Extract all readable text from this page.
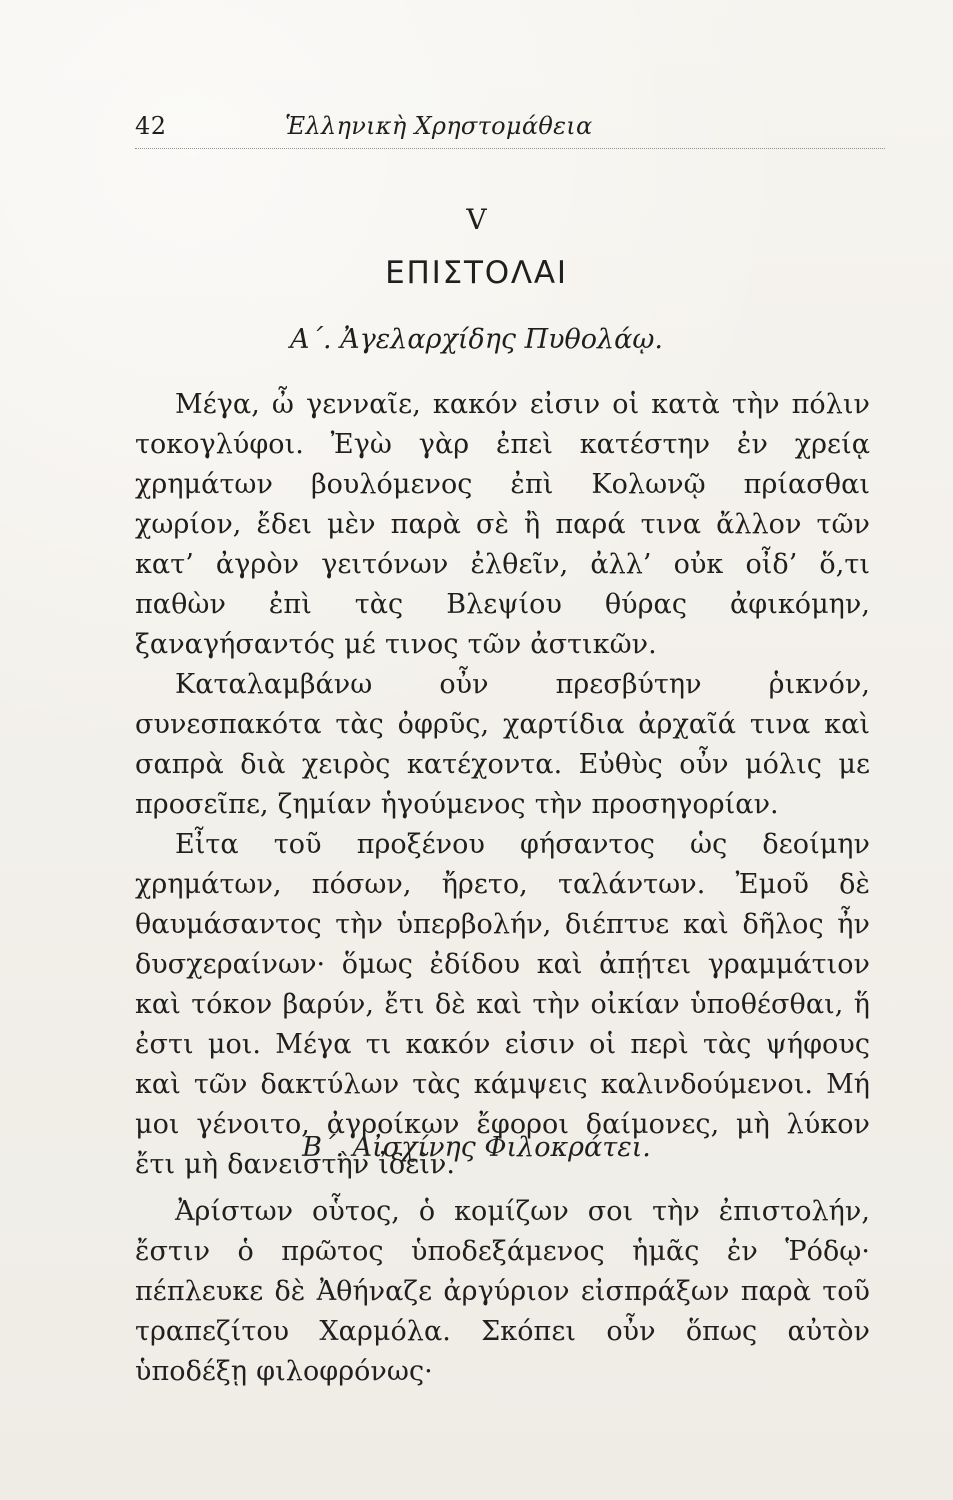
42	Ἑλληνικὴ Χρηστομάθεια
V
ΕΠΙΣΤΟΛΑΙ
Α΄. Ἀγελαρχίδης Πυθολάῳ.

Μέγα, ὦ γενναῖε, κακόν εἰσιν οἱ κατὰ τὴν πόλιν τοκογλύφοι. Ἐγὼ γὰρ ἐπεὶ κατέστην ἐν χρείᾳ χρημάτων βουλόμενος ἐπὶ Κολωνῷ πρίασθαι χωρίον, ἔδει μὲν παρὰ σὲ ἢ παρά τινα ἄλλον τῶν κατ’ ἀγρὸν γειτόνων ἐλθεῖν, ἀλλ’ οὐκ οἶδ’ ὅ,τι παθὼν ἐπὶ τὰς Βλεψίου θύρας ἀφικόμην, ξαναγήσαντός μέ τινος τῶν ἀστικῶν.

Καταλαμβάνω οὖν πρεσβύτην ῥικνόν, συνεσπακότα τὰς ὀφρῦς, χαρτίδια ἀρχαῖά τινα καὶ σαπρὰ διὰ χειρὸς κατέχοντα. Εὐθὺς οὖν μόλις με προσεῖπε, ζημίαν ἡγούμενος τὴν προσηγορίαν.

Εἶτα τοῦ προξένου φήσαντος ὡς δεοίμην χρημάτων, πόσων, ἤρετο, ταλάντων. Ἐμοῦ δὲ θαυμάσαντος τὴν ὑπερβολήν, διέπτυε καὶ δῆλος ἦν δυσχεραίνων· ὅμως ἐδίδου καὶ ἀπῄτει γραμμάτιον καὶ τόκον βαρύν, ἔτι δὲ καὶ τὴν οἰκίαν ὑποθέσθαι, ἥ ἐστι μοι. Μέγα τι κακόν εἰσιν οἱ περὶ τὰς ψήφους καὶ τῶν δακτύλων τὰς κάμψεις καλινδούμενοι. Μή μοι γένοιτο, ἀγροίκων ἔφοροι δαίμονες, μὴ λύκον ἔτι μὴ δανειστὴν ἰδεῖν.

Β΄. Αἰσχίνης Φιλοκράτει.

Ἀρίστων οὗτος, ὁ κομίζων σοι τὴν ἐπιστολήν, ἔστιν ὁ πρῶτος ὑποδεξάμενος ἡμᾶς ἐν Ῥόδῳ· πέπλευκε δὲ Ἀθήναζε ἀργύριον εἰσπράξων παρὰ τοῦ τραπεζίτου Χαρμόλα. Σκόπει οὖν ὅπως αὐτὸν ὑποδέξῃ φιλοφρόνως·
